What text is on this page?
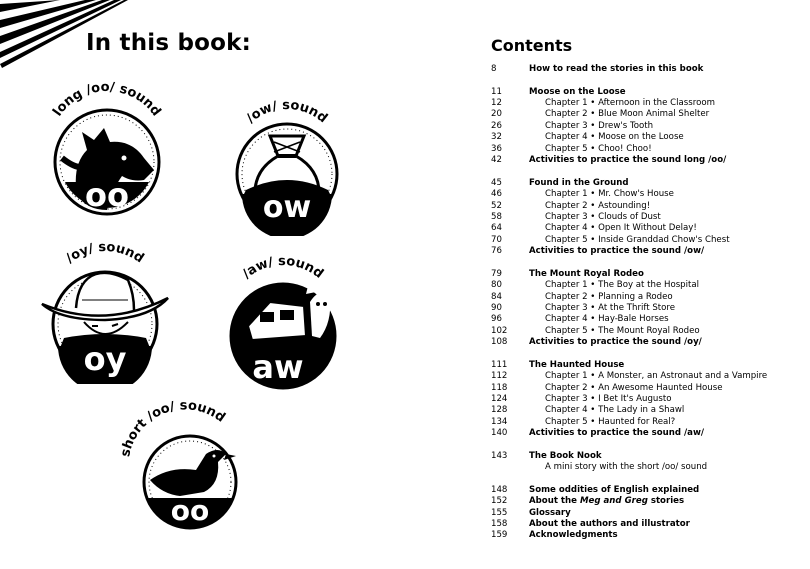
In this book:
long /oo/ sound
oo
/ow/ sound
ow
/oy/ sound
oy
/aw/ sound
aw
short /oo/ sound
oo
Contents
8	How to read the stories in this book
11	Moose on the Loose
12	Chapter 1 • Afternoon in the Classroom
20	Chapter 2 • Blue Moon Animal Shelter
26	Chapter 3 • Drew's Tooth
32	Chapter 4 • Moose on the Loose
36	Chapter 5 • Choo! Choo!
42	Activities to practice the sound long /oo/
45	Found in the Ground
46	Chapter 1 • Mr. Chow's House
52	Chapter 2 • Astounding!
58	Chapter 3 • Clouds of Dust
64	Chapter 4 • Open It Without Delay!
70	Chapter 5 • Inside Granddad Chow's Chest
76	Activities to practice the sound /ow/
79	The Mount Royal Rodeo
80	Chapter 1 • The Boy at the Hospital
84	Chapter 2 • Planning a Rodeo
90	Chapter 3 • At the Thrift Store
96	Chapter 4 • Hay-Bale Horses
102	Chapter 5 • The Mount Royal Rodeo
108	Activities to practice the sound /oy/
111	The Haunted House
112	Chapter 1 • A Monster, an Astronaut and a Vampire
118	Chapter 2 • An Awesome Haunted House
124	Chapter 3 • I Bet It's Augusto
128	Chapter 4 • The Lady in a Shawl
134	Chapter 5 • Haunted for Real?
140	Activities to practice the sound /aw/
143	The Book Nook
A mini story with the short /oo/ sound
148	Some oddities of English explained
152	About the Meg and Greg stories
155	Glossary
158	About the authors and illustrator
159	Acknowledgments
